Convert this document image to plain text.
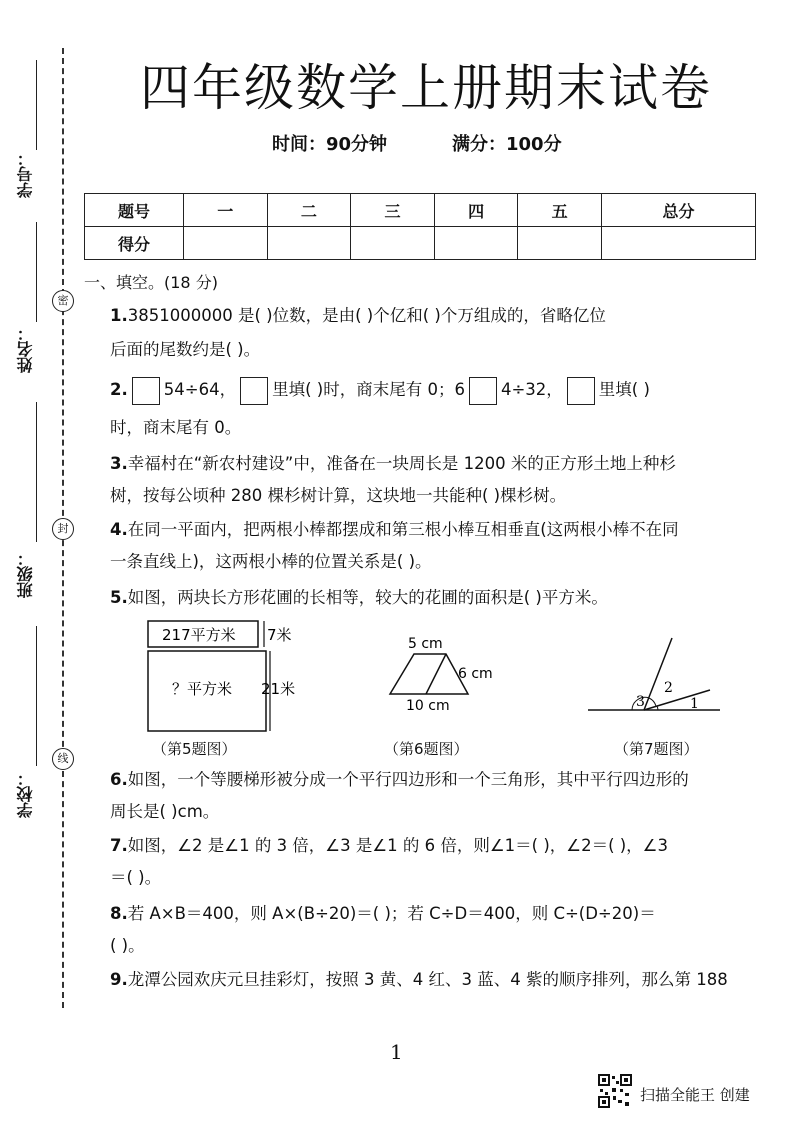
学号：
姓名：
密
班级：
封
学校：
线
四年级数学上册期末试卷
时间：90分钟	满分：100分
题号	一	二	三	四	五	总分
得分						
一、填空。(18 分)
1.3851000000 是( )位数，是由( )个亿和( )个万组成的，省略亿位
后面的尾数约是( )。
2. 54÷64， 里填( )时，商末尾有 0；6 4÷32， 里填( )
时，商末尾有 0。
3.幸福村在“新农村建设”中，准备在一块周长是 1200 米的正方形土地上种杉
树，按每公顷种 280 棵杉树计算，这块地一共能种( )棵杉树。
4.在同一平面内，把两根小棒都摆成和第三根小棒互相垂直(这两根小棒不在同
一条直线上)，这两根小棒的位置关系是( )。
5.如图，两块长方形花圃的长相等，较大的花圃的面积是( )平方米。
217平方米 7米
？平方米 21米
（第5题图）
5 cm
6 cm
10 cm
（第6题图）
1
2
3
（第7题图）
6.如图，一个等腰梯形被分成一个平行四边形和一个三角形，其中平行四边形的
周长是( )cm。
7.如图，∠2 是∠1 的 3 倍，∠3 是∠1 的 6 倍，则∠1＝( )，∠2＝( )，∠3
＝( )。
8.若 A×B＝400，则 A×(B÷20)＝( )；若 C÷D＝400，则 C÷(D÷20)＝
( )。
9.龙潭公园欢庆元旦挂彩灯，按照 3 黄、4 红、3 蓝、4 紫的顺序排列，那么第 188
1
扫描全能王 创建
